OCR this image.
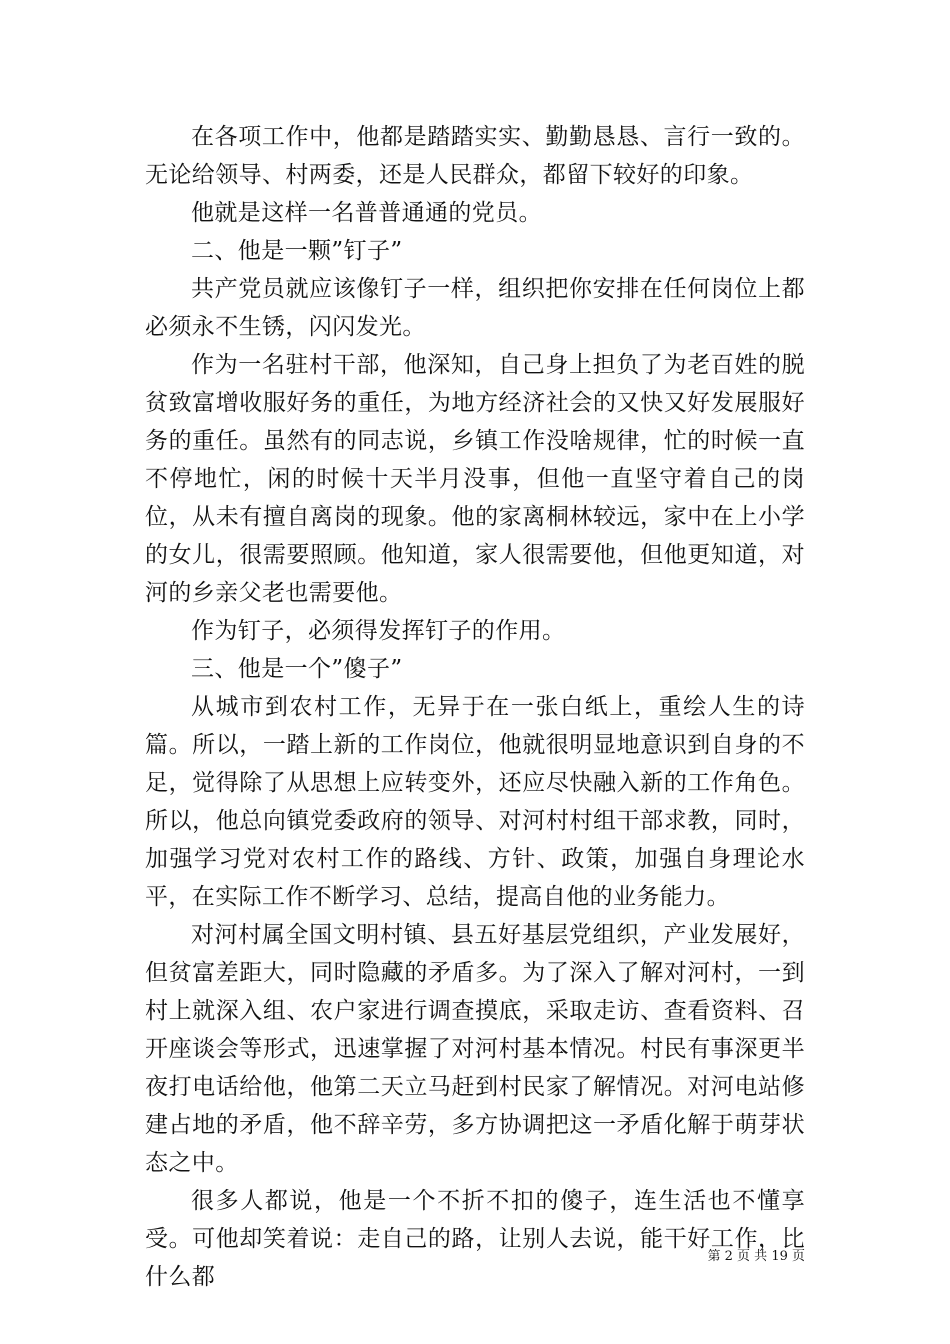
在各项工作中，他都是踏踏实实、勤勤恳恳、言行一致的。无论给领导、村两委，还是人民群众，都留下较好的印象。

他就是这样一名普普通通的党员。

二、他是一颗”钉子”

共产党员就应该像钉子一样，组织把你安排在任何岗位上都必须永不生锈，闪闪发光。

作为一名驻村干部，他深知，自己身上担负了为老百姓的脱贫致富增收服好务的重任，为地方经济社会的又快又好发展服好务的重任。虽然有的同志说，乡镇工作没啥规律，忙的时候一直不停地忙，闲的时候十天半月没事，但他一直坚守着自己的岗位，从未有擅自离岗的现象。他的家离桐林较远，家中在上小学的女儿，很需要照顾。他知道，家人很需要他，但他更知道，对河的乡亲父老也需要他。

作为钉子，必须得发挥钉子的作用。

三、他是一个”傻子”

从城市到农村工作，无异于在一张白纸上，重绘人生的诗篇。所以，一踏上新的工作岗位，他就很明显地意识到自身的不足，觉得除了从思想上应转变外，还应尽快融入新的工作角色。所以，他总向镇党委政府的领导、对河村村组干部求教，同时，加强学习党对农村工作的路线、方针、政策，加强自身理论水平，在实际工作不断学习、总结，提高自他的业务能力。

对河村属全国文明村镇、县五好基层党组织，产业发展好，但贫富差距大，同时隐藏的矛盾多。为了深入了解对河村，一到村上就深入组、农户家进行调查摸底，采取走访、查看资料、召开座谈会等形式，迅速掌握了对河村基本情况。村民有事深更半夜打电话给他，他第二天立马赶到村民家了解情况。对河电站修建占地的矛盾，他不辞辛劳，多方协调把这一矛盾化解于萌芽状态之中。

很多人都说，他是一个不折不扣的傻子，连生活也不懂享受。可他却笑着说：走自己的路，让别人去说，能干好工作，比什么都

第 2 页 共 19 页
